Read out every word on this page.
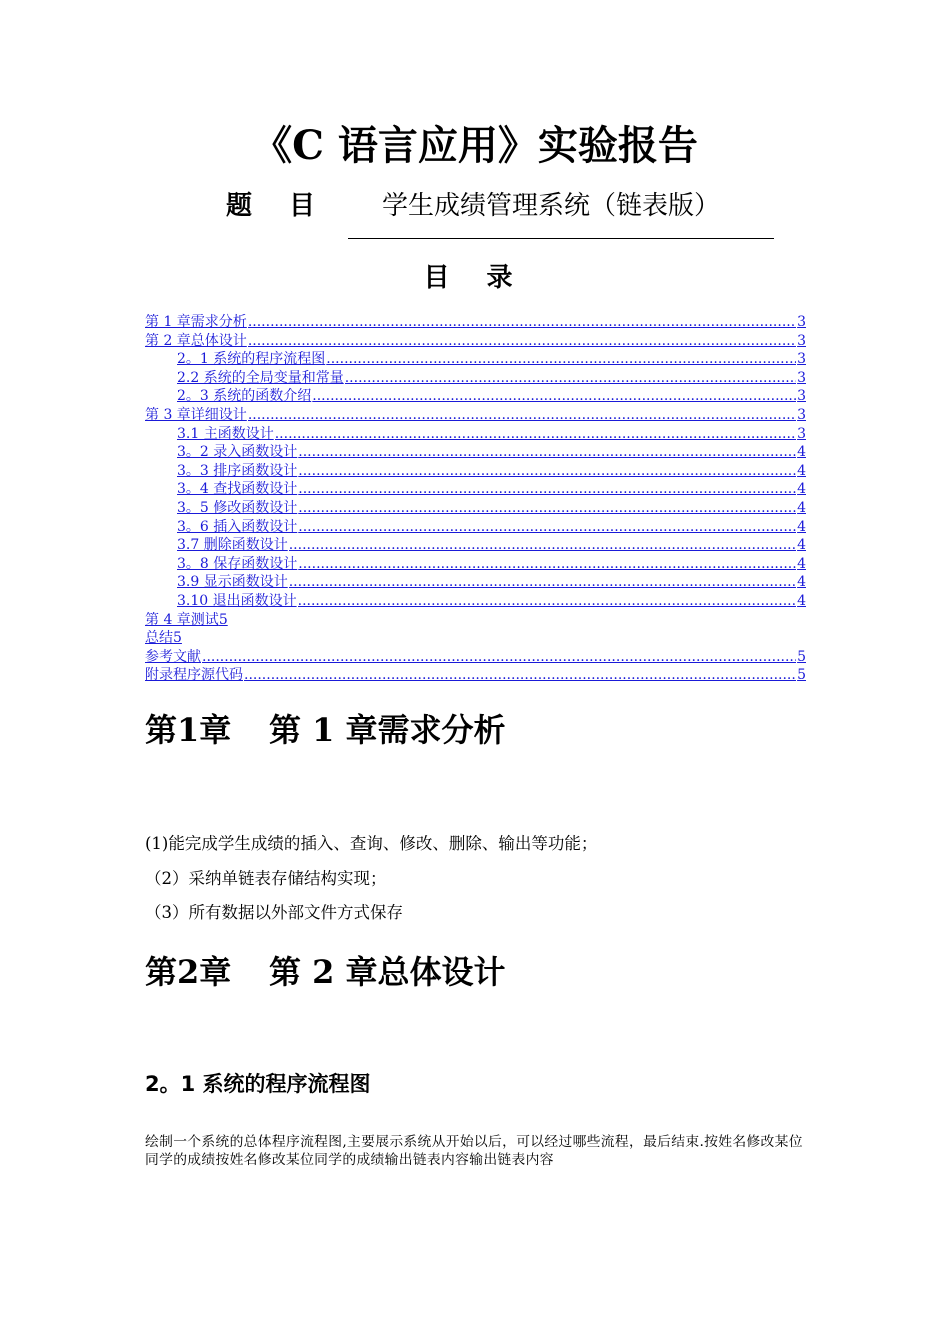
《C 语言应用》实验报告
题 目 学生成绩管理系统（链表版）
目 录
第 1 章需求分析 .....	3
第 2 章总体设计 .....	3
2。1 系统的程序流程图 .....	3
2.2 系统的全局变量和常量 .....	3
2。3 系统的函数介绍 .....	3
第 3 章详细设计 .....	3
3.1 主函数设计 .....	3
3。2 录入函数设计 .....	4
3。3 排序函数设计 .....	4
3。4 查找函数设计 .....	4
3。5 修改函数设计 .....	4
3。6 插入函数设计 .....	4
3.7 删除函数设计 .....	4
3。8 保存函数设计 .....	4
3.9 显示函数设计 .....	4
3.10 退出函数设计 .....	4
第 4 章测试 5
总结 5
参考文献 .....	5
附录程序源代码 .....	5
第1章 第 1 章需求分析

(1)能完成学生成绩的插入、查询、修改、删除、输出等功能；

（2）采纳单链表存储结构实现；

（3）所有数据以外部文件方式保存

第2章 第 2 章总体设计
2。1 系统的程序流程图

绘制一个系统的总体程序流程图,主要展示系统从开始以后，可以经过哪些流程，最后结束.按姓名修改某位同学的成绩按姓名修改某位同学的成绩输出链表内容输出链表内容
